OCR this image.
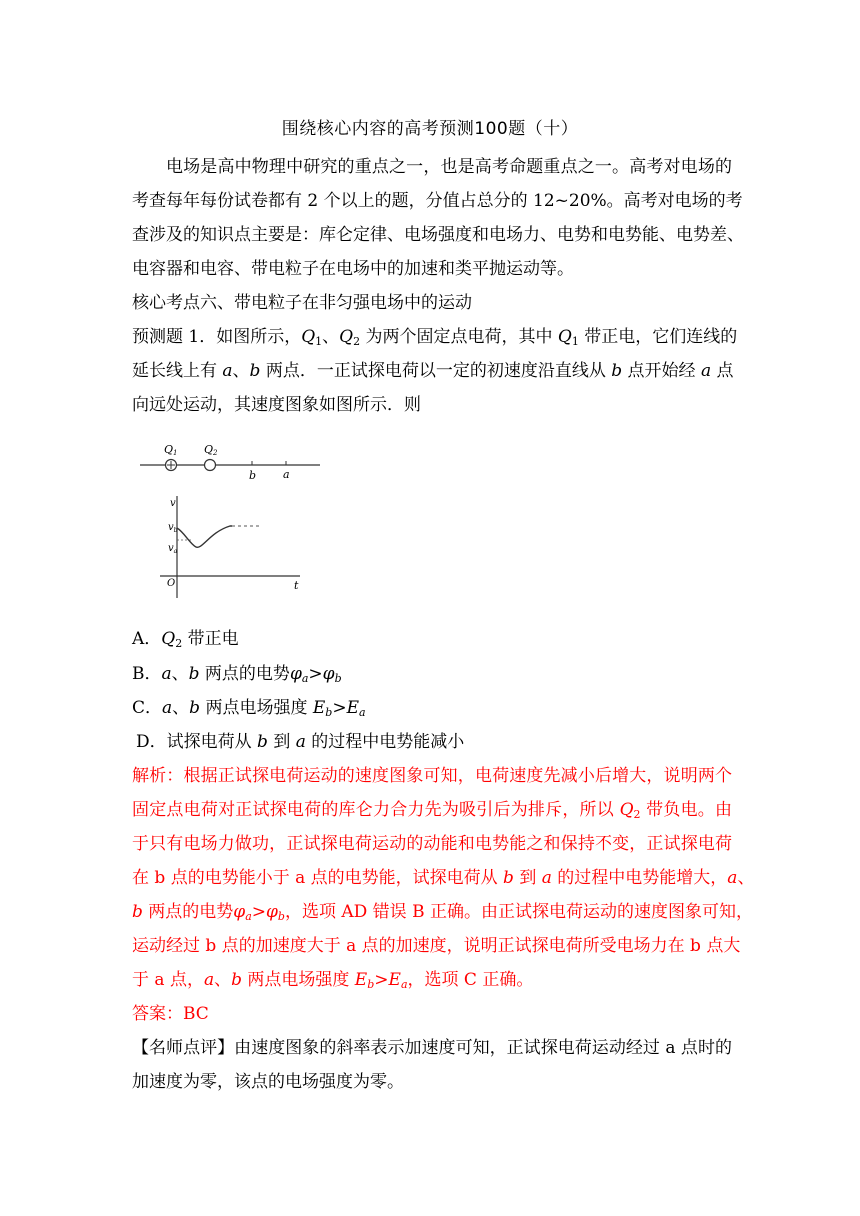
围绕核心内容的高考预测100题（十）
电场是高中物理中研究的重点之一，也是高考命题重点之一。高考对电场的
考查每年每份试卷都有 2 个以上的题，分值占总分的 12~20%。高考对电场的考
查涉及的知识点主要是：库仑定律、电场强度和电场力、电势和电势能、电势差、
电容器和电容、带电粒子在电场中的加速和类平抛运动等。
核心考点六、带电粒子在非匀强电场中的运动
预测题 1．如图所示，$Q_1$、$Q_2$ 为两个固定点电荷，其中 $Q_1$ 带正电，它们连线的
延长线上有 a、b 两点．一正试探电荷以一定的初速度沿直线从 b 点开始经 a 点
向远处运动，其速度图象如图所示．则
Q1 Q2
b a
v
$v_b$
$v_a$
O	t
A．$Q_2$ 带正电
B．a、b 两点的电势$\varphi_a>\varphi_b$
C．a、b 两点电场强度 $E_b>E_a$
D．试探电荷从 b 到 a 的过程中电势能减小
解析：根据正试探电荷运动的速度图象可知，电荷速度先减小后增大，说明两个
固定点电荷对正试探电荷的库仑力合力先为吸引后为排斥，所以 $Q_2$ 带负电。由
于只有电场力做功，正试探电荷运动的动能和电势能之和保持不变，正试探电荷
在 b 点的电势能小于 a 点的电势能，试探电荷从 b 到 a 的过程中电势能增大，a、
b 两点的电势$\varphi_a>\varphi_b$，选项 AD 错误 B 正确。由正试探电荷运动的速度图象可知，
运动经过 b 点的加速度大于 a 点的加速度，说明正试探电荷所受电场力在 b 点大
于 a 点，a、b 两点电场强度 $E_b>E_a$，选项 C 正确。
答案：BC
【名师点评】由速度图象的斜率表示加速度可知，正试探电荷运动经过 a 点时的
加速度为零，该点的电场强度为零。
